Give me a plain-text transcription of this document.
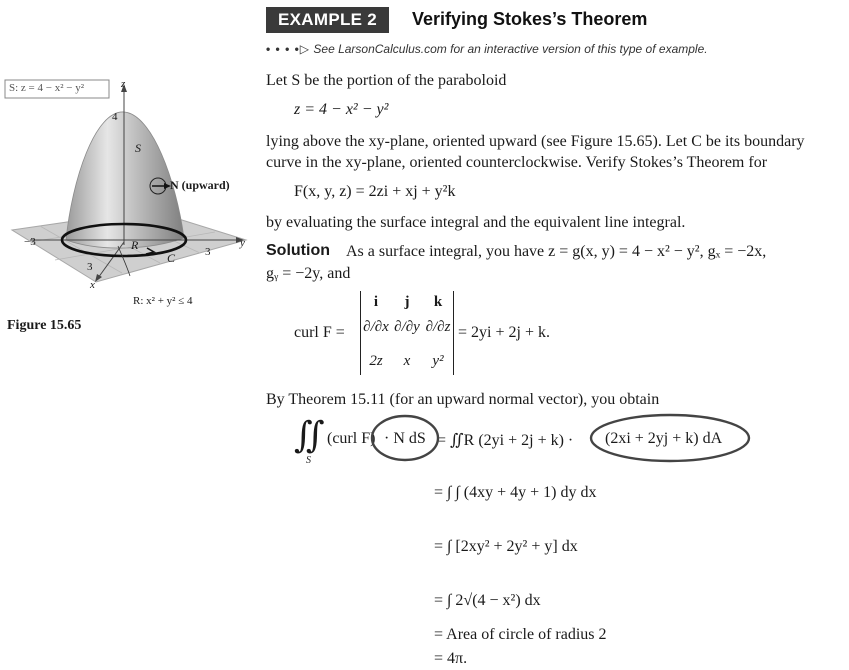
EXAMPLE 2	Verifying Stokes’s Theorem
• • • •▷ See LarsonCalculus.com for an interactive version of this type of example.
S: z = 4 − x² − y²	z
y
x
4
−3
3
3
S
N (upward)
R
C
R: x² + y² ≤ 4
Figure 15.65
Let S be the portion of the paraboloid
z = 4 − x² − y²
lying above the xy-plane, oriented upward (see Figure 15.65). Let C be its boundary
curve in the xy-plane, oriented counterclockwise. Verify Stokes’s Theorem for
F(x, y, z) = 2zi + xj + y²k
by evaluating the surface integral and the equivalent line integral.
Solution As a surface integral, you have z = g(x, y) = 4 − x² − y², gₓ = −2x,
gᵧ = −2y, and
curl F =
i	j	k
∂/∂x ∂/∂y ∂/∂z
2z	x	y²
= 2yi + 2j + k.
By Theorem 15.11 (for an upward normal vector), you obtain
∬
S
(curl F) · N dS = ∬R (2yi + 2j + k) · (2xi + 2yj + k) dA
= ∫ ∫ (4xy + 4y + 1) dy dx
= ∫ [2xy² + 2y² + y] dx
= ∫ 2√(4 − x²) dx
= Area of circle of radius 2
= 4π.
